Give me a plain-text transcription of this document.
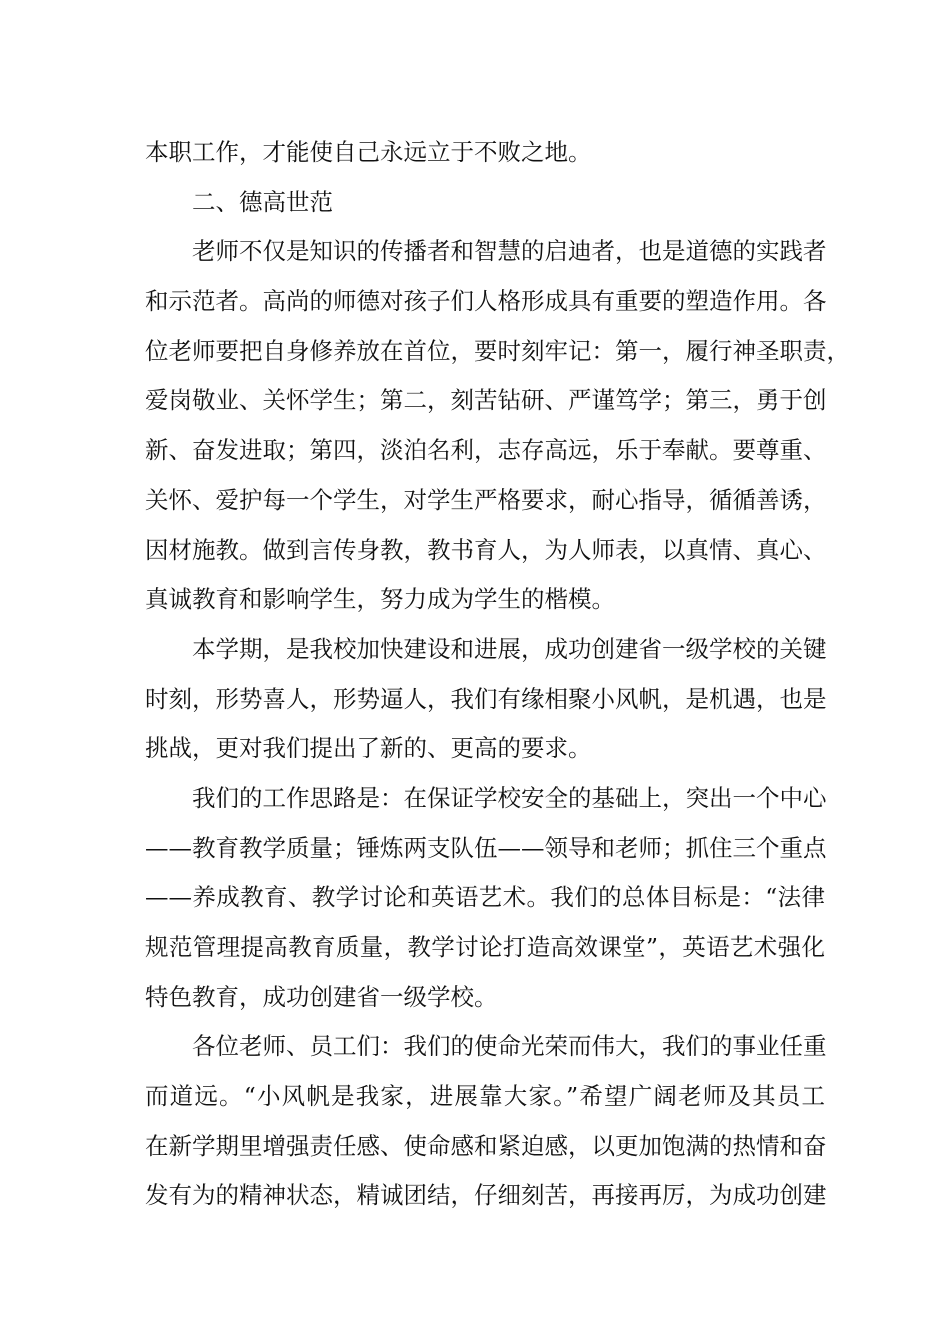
本职工作，才能使自己永远立于不败之地。
二、德高世范
老师不仅是知识的传播者和智慧的启迪者，也是道德的实践者
和示范者。高尚的师德对孩子们人格形成具有重要的塑造作用。各
位老师要把自身修养放在首位，要时刻牢记：第一，履行神圣职责，
爱岗敬业、关怀学生；第二，刻苦钻研、严谨笃学；第三，勇于创
新、奋发进取；第四，淡泊名利，志存高远，乐于奉献。要尊重、
关怀、爱护每一个学生，对学生严格要求，耐心指导，循循善诱，
因材施教。做到言传身教，教书育人，为人师表，以真情、真心、
真诚教育和影响学生，努力成为学生的楷模。
本学期，是我校加快建设和进展，成功创建省一级学校的关键
时刻，形势喜人，形势逼人，我们有缘相聚小风帆，是机遇，也是
挑战，更对我们提出了新的、更高的要求。
我们的工作思路是：在保证学校安全的基础上，突出一个中心
——教育教学质量；锤炼两支队伍——领导和老师；抓住三个重点
——养成教育、教学讨论和英语艺术。我们的总体目标是：“法律
规范管理提高教育质量，教学讨论打造高效课堂”，英语艺术强化
特色教育，成功创建省一级学校。
各位老师、员工们：我们的使命光荣而伟大，我们的事业任重
而道远。“小风帆是我家，进展靠大家。”希望广阔老师及其员工
在新学期里增强责任感、使命感和紧迫感，以更加饱满的热情和奋
发有为的精神状态，精诚团结，仔细刻苦，再接再厉，为成功创建
